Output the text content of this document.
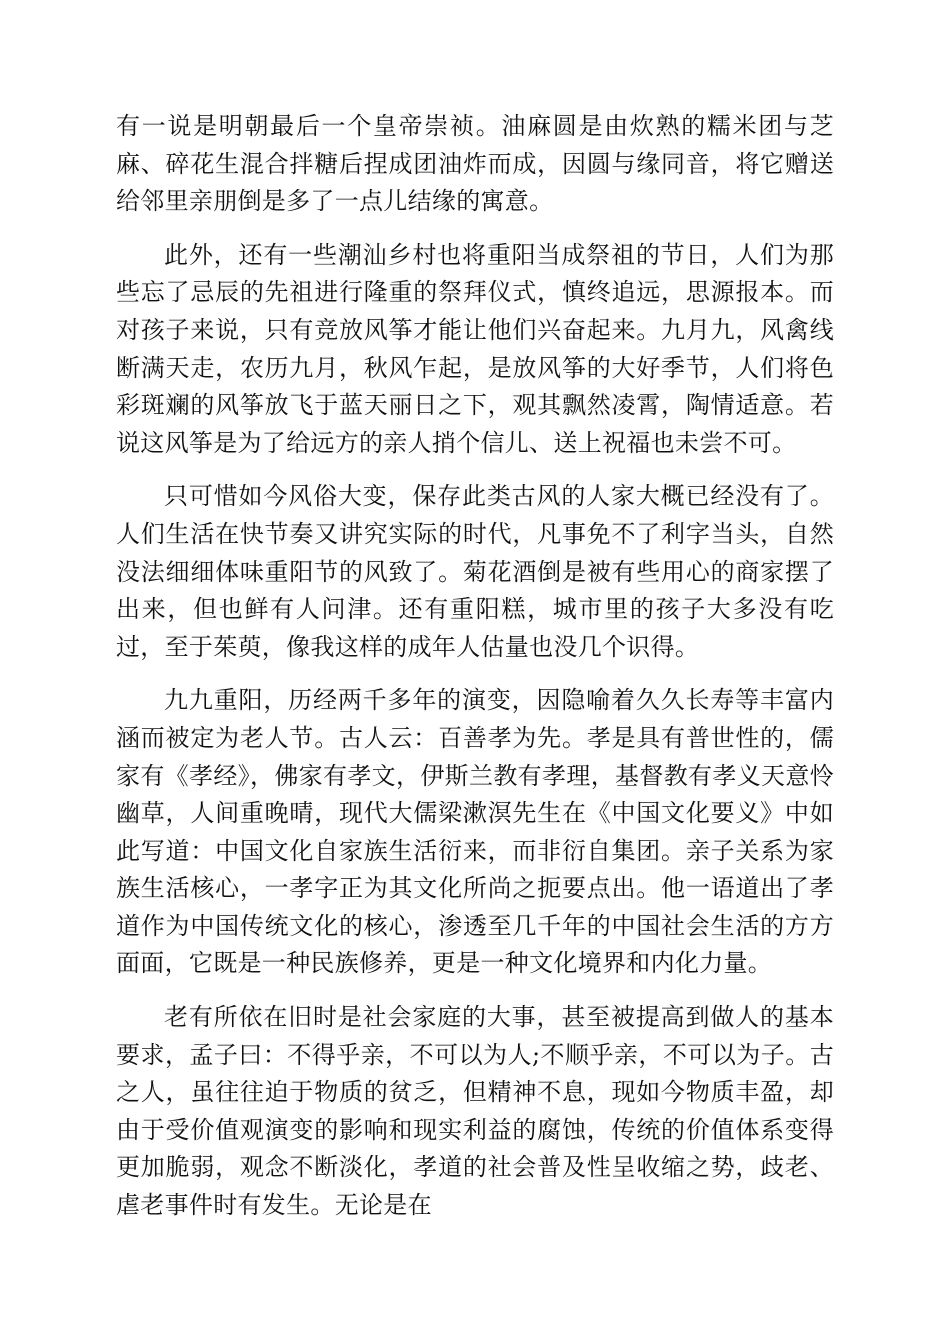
有一说是明朝最后一个皇帝崇祯。油麻圆是由炊熟的糯米团与芝麻、碎花生混合拌糖后捏成团油炸而成，因圆与缘同音，将它赠送给邻里亲朋倒是多了一点儿结缘的寓意。

此外，还有一些潮汕乡村也将重阳当成祭祖的节日，人们为那些忘了忌辰的先祖进行隆重的祭拜仪式，慎终追远，思源报本。而对孩子来说，只有竞放风筝才能让他们兴奋起来。九月九，风禽线断满天走，农历九月，秋风乍起，是放风筝的大好季节，人们将色彩斑斓的风筝放飞于蓝天丽日之下，观其飘然凌霄，陶情适意。若说这风筝是为了给远方的亲人捎个信儿、送上祝福也未尝不可。

只可惜如今风俗大变，保存此类古风的人家大概已经没有了。人们生活在快节奏又讲究实际的时代，凡事免不了利字当头，自然没法细细体味重阳节的风致了。菊花酒倒是被有些用心的商家摆了出来，但也鲜有人问津。还有重阳糕，城市里的孩子大多没有吃过，至于茱萸，像我这样的成年人估量也没几个识得。

九九重阳，历经两千多年的演变，因隐喻着久久长寿等丰富内涵而被定为老人节。古人云：百善孝为先。孝是具有普世性的，儒家有《孝经》，佛家有孝文，伊斯兰教有孝理，基督教有孝义天意怜幽草，人间重晚晴，现代大儒梁漱溟先生在《中国文化要义》中如此写道：中国文化自家族生活衍来，而非衍自集团。亲子关系为家族生活核心，一孝字正为其文化所尚之扼要点出。他一语道出了孝道作为中国传统文化的核心，渗透至几千年的中国社会生活的方方面面，它既是一种民族修养，更是一种文化境界和内化力量。

老有所依在旧时是社会家庭的大事，甚至被提高到做人的基本要求，孟子曰：不得乎亲，不可以为人;不顺乎亲，不可以为子。古之人，虽往往迫于物质的贫乏，但精神不息，现如今物质丰盈，却由于受价值观演变的影响和现实利益的腐蚀，传统的价值体系变得更加脆弱，观念不断淡化，孝道的社会普及性呈收缩之势，歧老、虐老事件时有发生。无论是在
